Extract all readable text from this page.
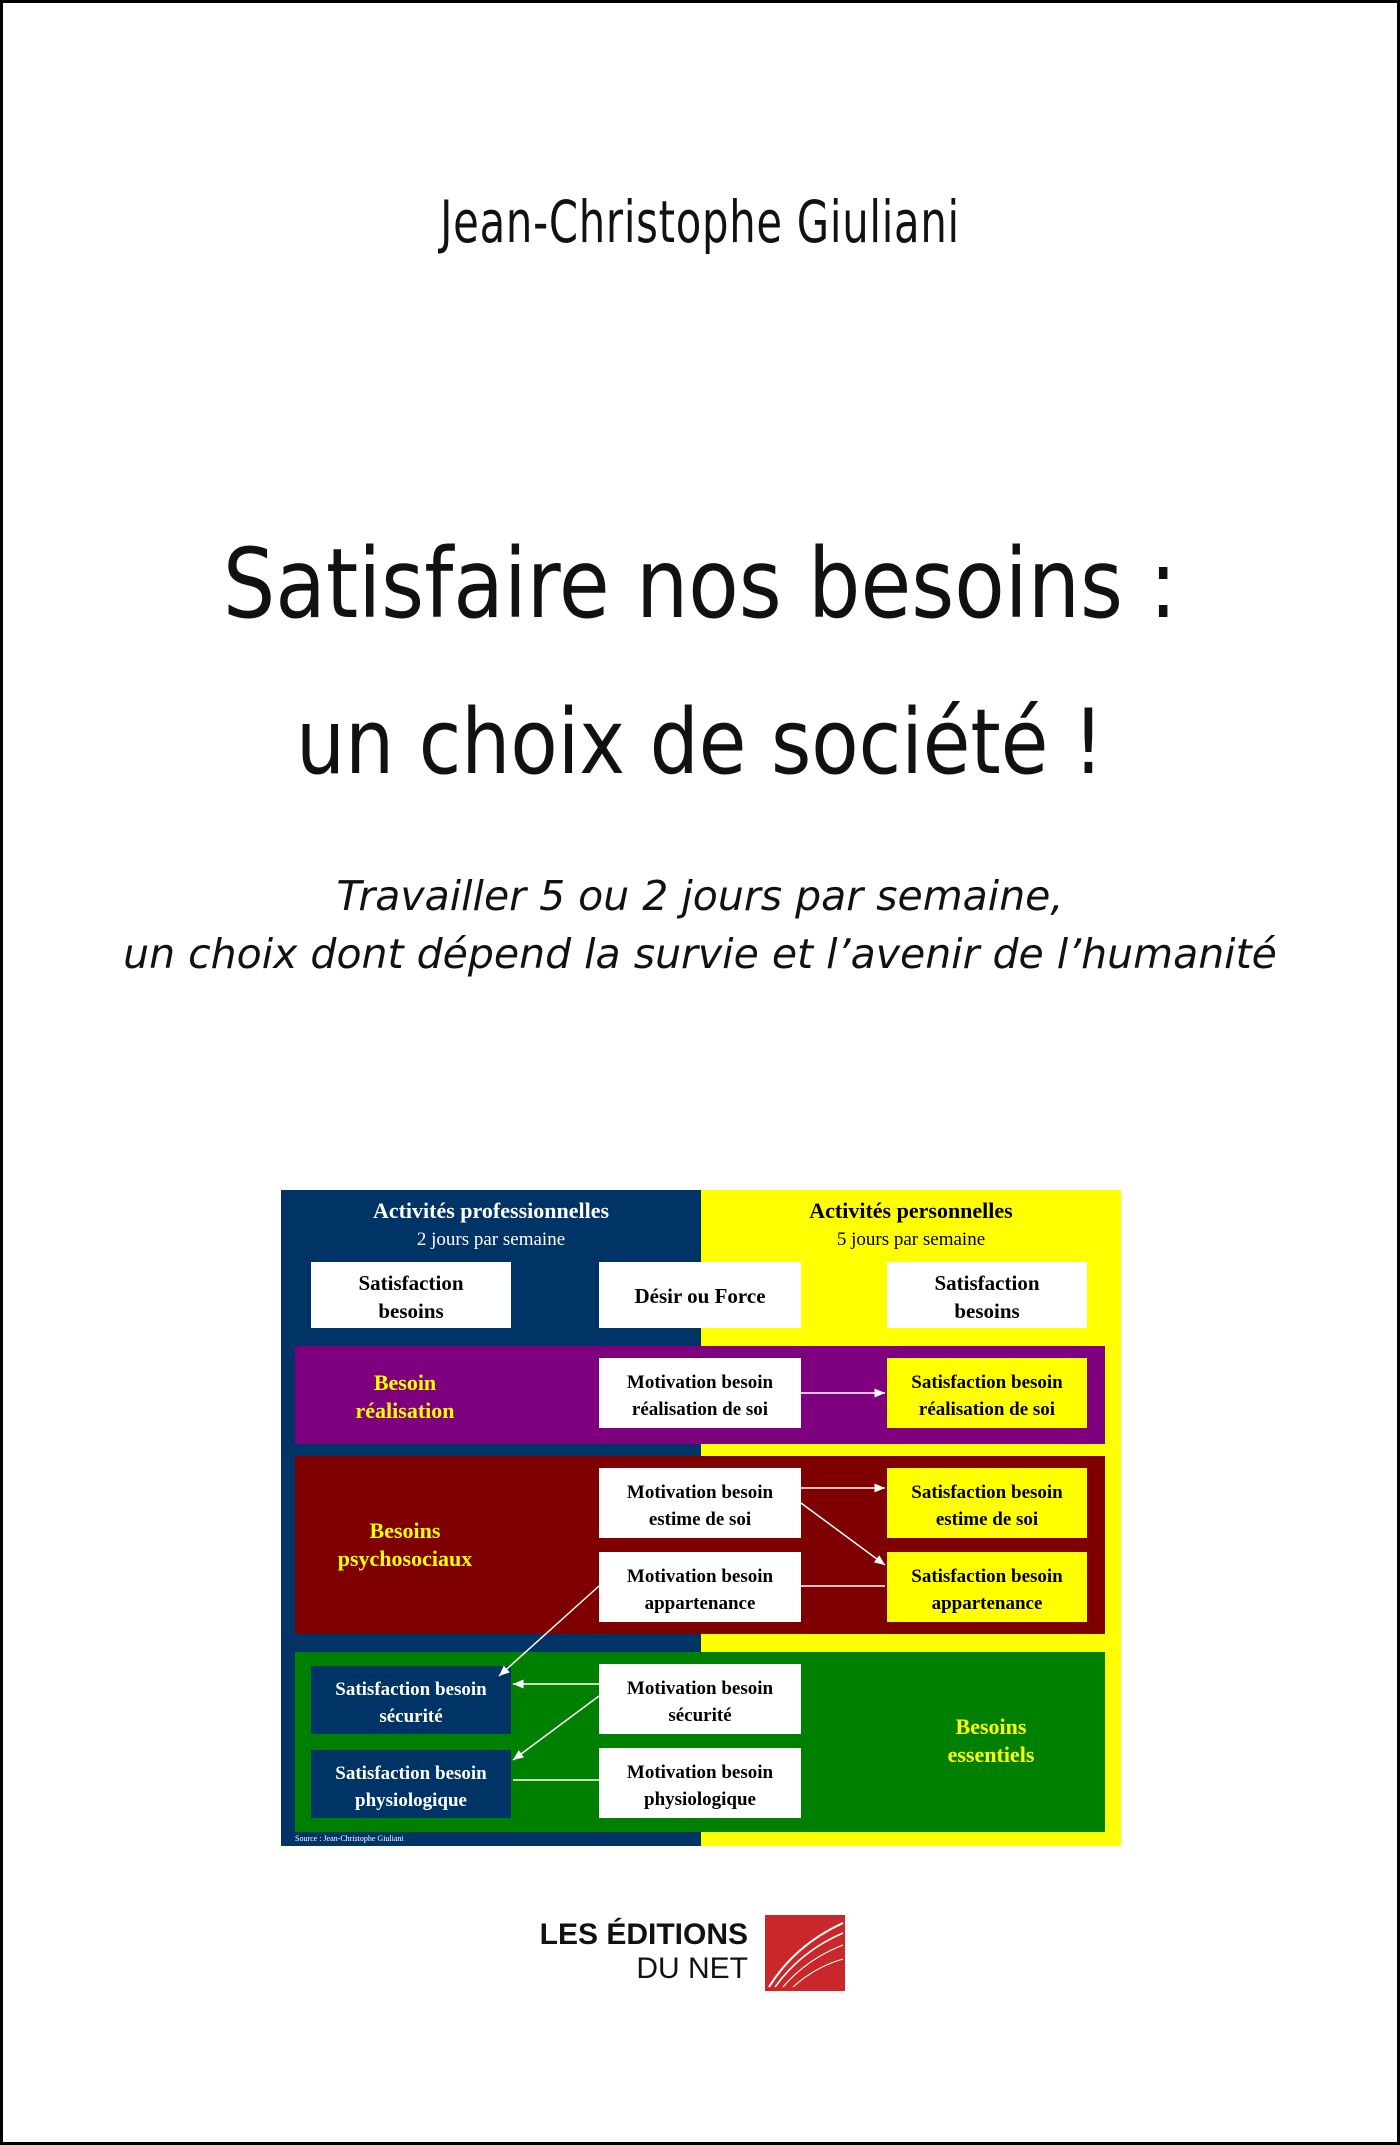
Jean-Christophe Giuliani
Satisfaire nos besoins :
un choix de société !
Travailler 5 ou 2 jours par semaine,
un choix dont dépend la survie et l’avenir de l’humanité
Activités professionnelles
2 jours par semaine
Activités personnelles
5 jours par semaine
Satisfaction
besoins
Désir ou Force
Satisfaction
besoins
Besoin
réalisation
Motivation besoin
réalisation de soi
Satisfaction besoin
réalisation de soi
Besoins
psychosociaux
Motivation besoin
estime de soi
Satisfaction besoin
estime de soi
Motivation besoin
appartenance
Satisfaction besoin
appartenance
Satisfaction besoin
sécurité
Satisfaction besoin
physiologique
Motivation besoin
sécurité
Motivation besoin
physiologique
Besoins
essentiels
Source : Jean-Christophe Giuliani
LES ÉDITIONS
DU NET
